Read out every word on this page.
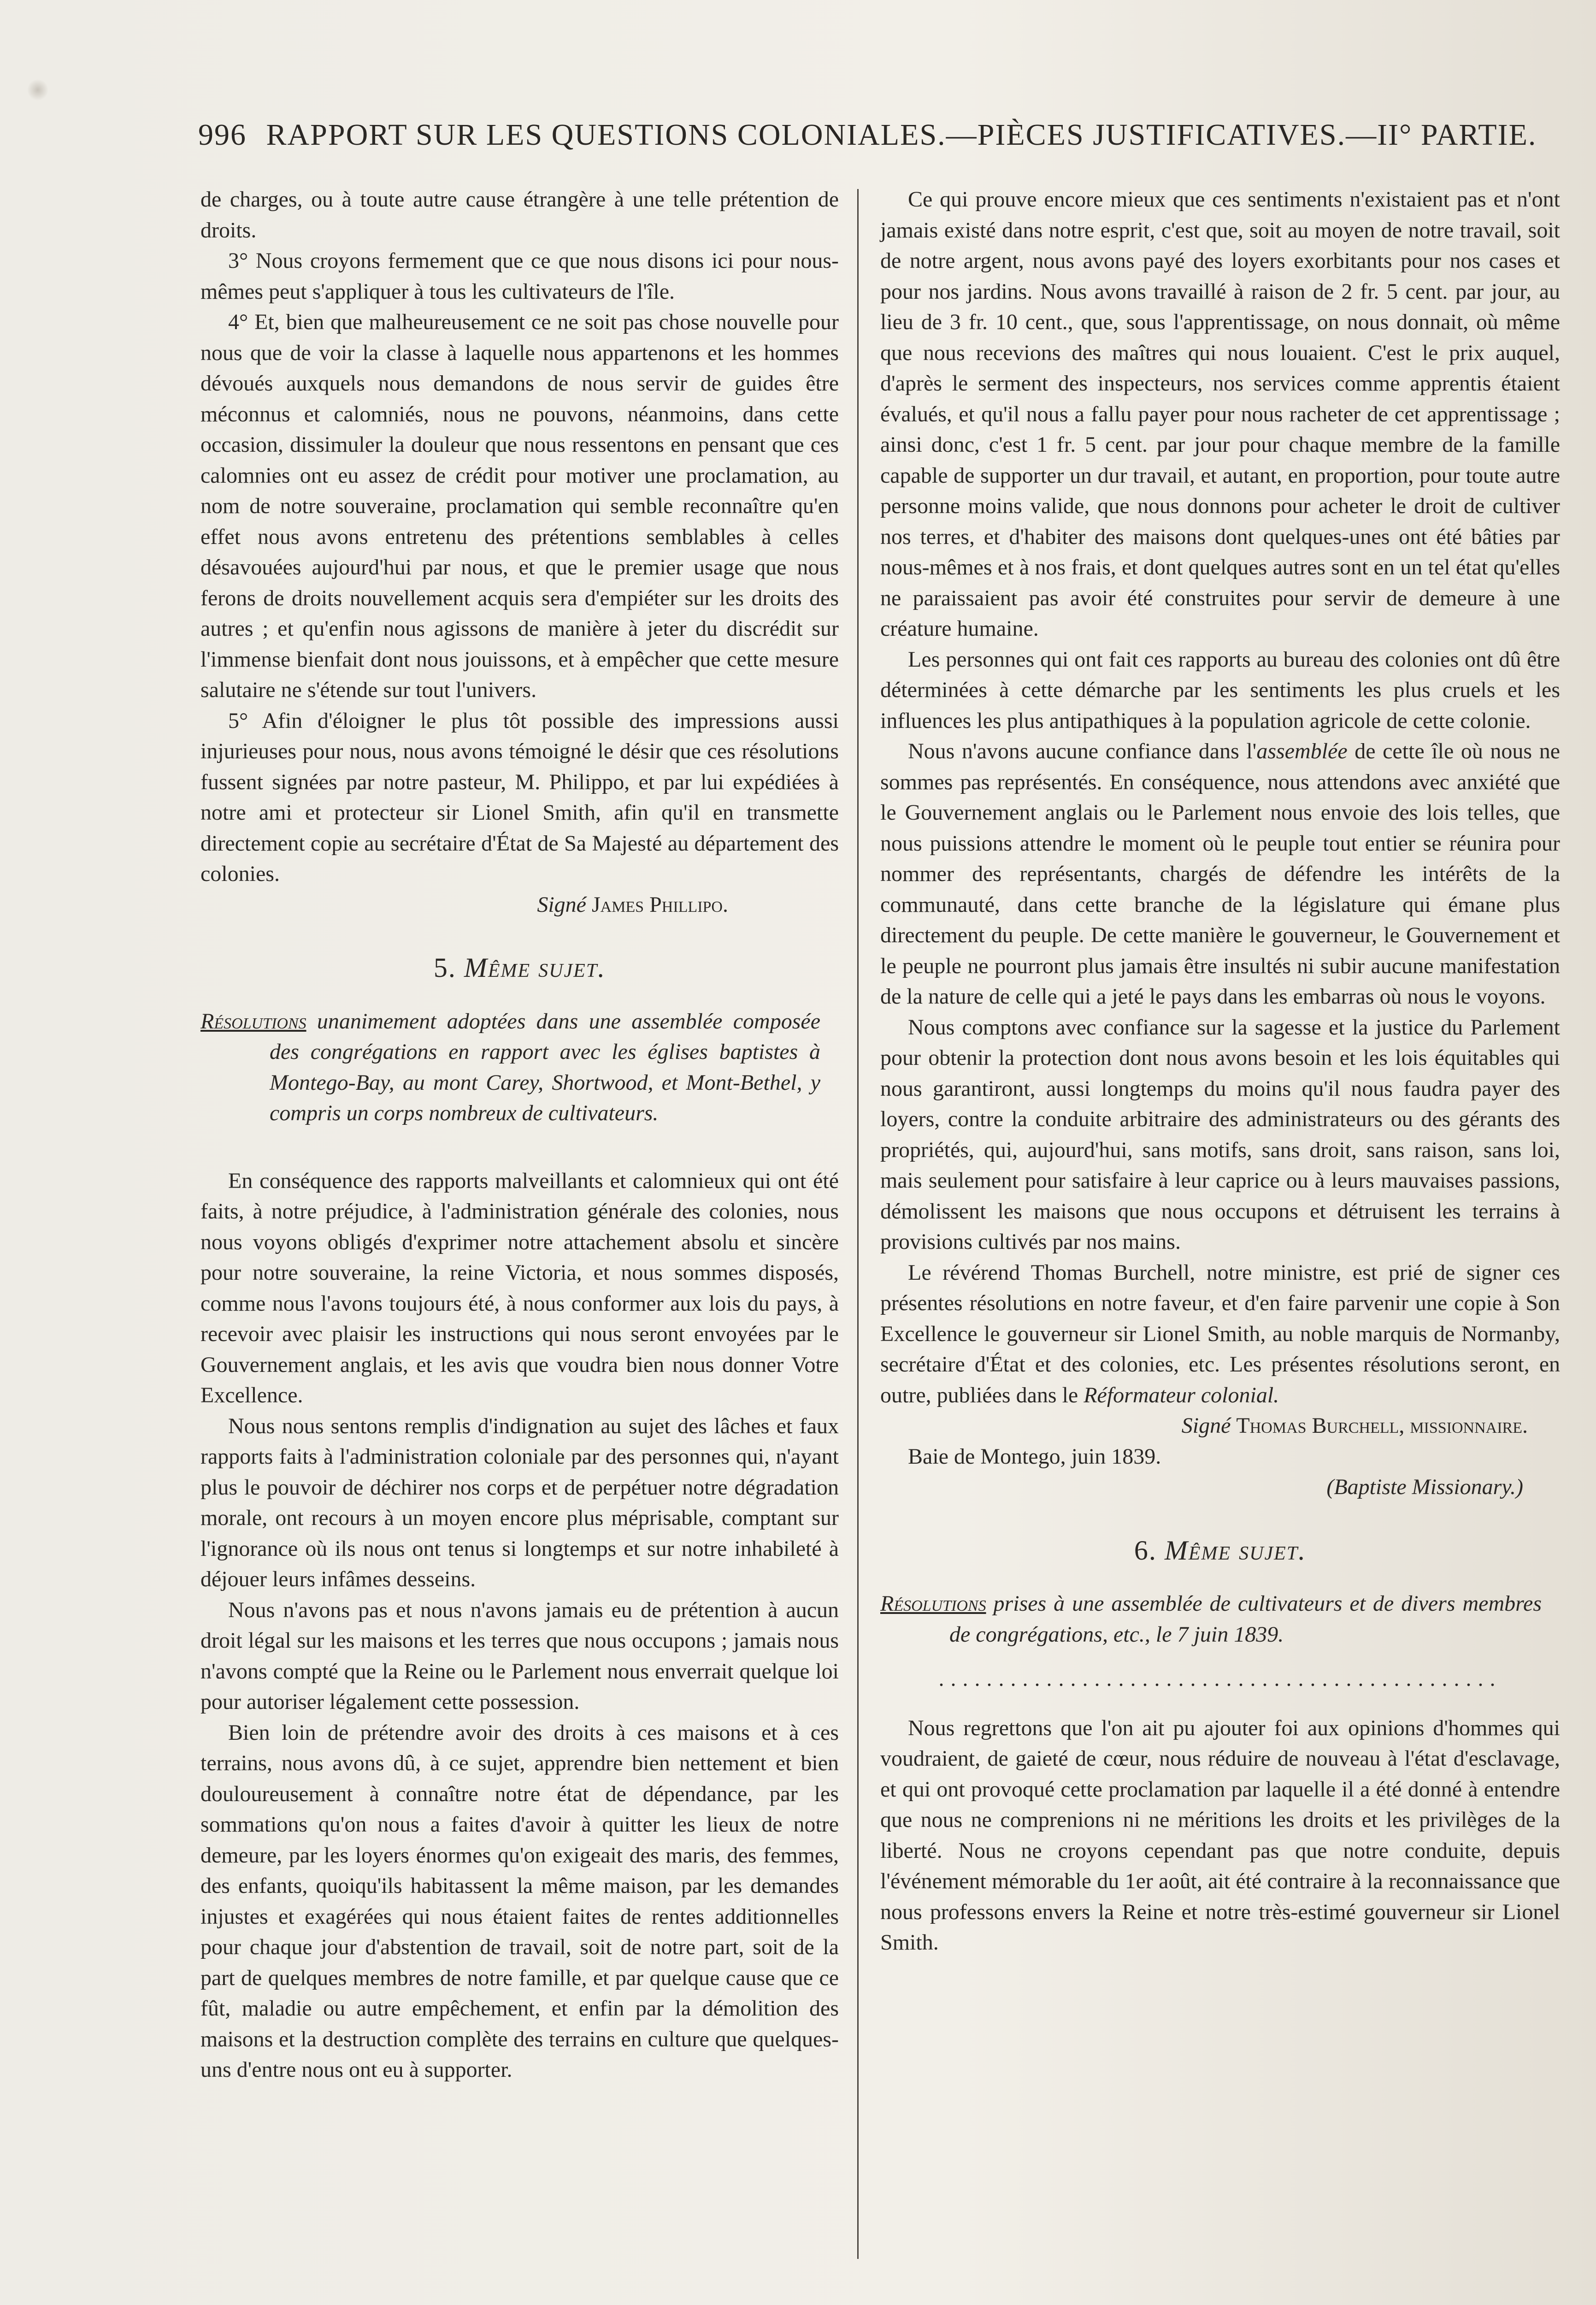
996 RAPPORT SUR LES QUESTIONS COLONIALES.—PIÈCES JUSTIFICATIVES.—II° PARTIE.

de charges, ou à toute autre cause étrangère à une telle prétention de droits.

3° Nous croyons fermement que ce que nous disons ici pour nous-mêmes peut s'appliquer à tous les cultivateurs de l'île.

4° Et, bien que malheureusement ce ne soit pas chose nouvelle pour nous que de voir la classe à laquelle nous appartenons et les hommes dévoués auxquels nous demandons de nous servir de guides être méconnus et calomniés, nous ne pouvons, néanmoins, dans cette occasion, dissimuler la douleur que nous ressentons en pensant que ces calomnies ont eu assez de crédit pour motiver une proclamation, au nom de notre souveraine, proclamation qui semble reconnaître qu'en effet nous avons entretenu des prétentions semblables à celles désavouées aujourd'hui par nous, et que le premier usage que nous ferons de droits nouvellement acquis sera d'empiéter sur les droits des autres ; et qu'enfin nous agissons de manière à jeter du discrédit sur l'immense bienfait dont nous jouissons, et à empêcher que cette mesure salutaire ne s'étende sur tout l'univers.

5° Afin d'éloigner le plus tôt possible des impressions aussi injurieuses pour nous, nous avons témoigné le désir que ces résolutions fussent signées par notre pasteur, M. Philippo, et par lui expédiées à notre ami et protecteur sir Lionel Smith, afin qu'il en transmette directement copie au secrétaire d'État de Sa Majesté au département des colonies.

Signé James Phillipo.

5. Même sujet.

Résolutions unanimement adoptées dans une assemblée composée des congrégations en rapport avec les églises baptistes à Montego-Bay, au mont Carey, Shortwood, et Mont-Bethel, y compris un corps nombreux de cultivateurs.

En conséquence des rapports malveillants et calomnieux qui ont été faits, à notre préjudice, à l'administration générale des colonies, nous nous voyons obligés d'exprimer notre attachement absolu et sincère pour notre souveraine, la reine Victoria, et nous sommes disposés, comme nous l'avons toujours été, à nous conformer aux lois du pays, à recevoir avec plaisir les instructions qui nous seront envoyées par le Gouvernement anglais, et les avis que voudra bien nous donner Votre Excellence.

Nous nous sentons remplis d'indignation au sujet des lâches et faux rapports faits à l'administration coloniale par des personnes qui, n'ayant plus le pouvoir de déchirer nos corps et de perpétuer notre dégradation morale, ont recours à un moyen encore plus méprisable, comptant sur l'ignorance où ils nous ont tenus si longtemps et sur notre inhabileté à déjouer leurs infâmes desseins.

Nous n'avons pas et nous n'avons jamais eu de prétention à aucun droit légal sur les maisons et les terres que nous occupons ; jamais nous n'avons compté que la Reine ou le Parlement nous enverrait quelque loi pour autoriser légalement cette possession.

Bien loin de prétendre avoir des droits à ces maisons et à ces terrains, nous avons dû, à ce sujet, apprendre bien nettement et bien douloureusement à connaître notre état de dépendance, par les sommations qu'on nous a faites d'avoir à quitter les lieux de notre demeure, par les loyers énormes qu'on exigeait des maris, des femmes, des enfants, quoiqu'ils habitassent la même maison, par les demandes injustes et exagérées qui nous étaient faites de rentes additionnelles pour chaque jour d'abstention de travail, soit de notre part, soit de la part de quelques membres de notre famille, et par quelque cause que ce fût, maladie ou autre empêchement, et enfin par la démolition des maisons et la destruction complète des terrains en culture que quelques-uns d'entre nous ont eu à supporter.

Ce qui prouve encore mieux que ces sentiments n'existaient pas et n'ont jamais existé dans notre esprit, c'est que, soit au moyen de notre travail, soit de notre argent, nous avons payé des loyers exorbitants pour nos cases et pour nos jardins. Nous avons travaillé à raison de 2 fr. 5 cent. par jour, au lieu de 3 fr. 10 cent., que, sous l'apprentissage, on nous donnait, où même que nous recevions des maîtres qui nous louaient. C'est le prix auquel, d'après le serment des inspecteurs, nos services comme apprentis étaient évalués, et qu'il nous a fallu payer pour nous racheter de cet apprentissage ; ainsi donc, c'est 1 fr. 5 cent. par jour pour chaque membre de la famille capable de supporter un dur travail, et autant, en proportion, pour toute autre personne moins valide, que nous donnons pour acheter le droit de cultiver nos terres, et d'habiter des maisons dont quelques-unes ont été bâties par nous-mêmes et à nos frais, et dont quelques autres sont en un tel état qu'elles ne paraissaient pas avoir été construites pour servir de demeure à une créature humaine.

Les personnes qui ont fait ces rapports au bureau des colonies ont dû être déterminées à cette démarche par les sentiments les plus cruels et les influences les plus antipathiques à la population agricole de cette colonie.

Nous n'avons aucune confiance dans l'assemblée de cette île où nous ne sommes pas représentés. En conséquence, nous attendons avec anxiété que le Gouvernement anglais ou le Parlement nous envoie des lois telles, que nous puissions attendre le moment où le peuple tout entier se réunira pour nommer des représentants, chargés de défendre les intérêts de la communauté, dans cette branche de la législature qui émane plus directement du peuple. De cette manière le gouverneur, le Gouvernement et le peuple ne pourront plus jamais être insultés ni subir aucune manifestation de la nature de celle qui a jeté le pays dans les embarras où nous le voyons.

Nous comptons avec confiance sur la sagesse et la justice du Parlement pour obtenir la protection dont nous avons besoin et les lois équitables qui nous garantiront, aussi longtemps du moins qu'il nous faudra payer des loyers, contre la conduite arbitraire des administrateurs ou des gérants des propriétés, qui, aujourd'hui, sans motifs, sans droit, sans raison, sans loi, mais seulement pour satisfaire à leur caprice ou à leurs mauvaises passions, démolissent les maisons que nous occupons et détruisent les terrains à provisions cultivés par nos mains.

Le révérend Thomas Burchell, notre ministre, est prié de signer ces présentes résolutions en notre faveur, et d'en faire parvenir une copie à Son Excellence le gouverneur sir Lionel Smith, au noble marquis de Normanby, secrétaire d'État et des colonies, etc. Les présentes résolutions seront, en outre, publiées dans le Réformateur colonial.

Signé Thomas Burchell, missionnaire.

Baie de Montego, juin 1839.

(Baptiste Missionary.)

6. Même sujet.

Résolutions prises à une assemblée de cultivateurs et de divers membres de congrégations, etc., le 7 juin 1839.

...............................................

Nous regrettons que l'on ait pu ajouter foi aux opinions d'hommes qui voudraient, de gaieté de cœur, nous réduire de nouveau à l'état d'esclavage, et qui ont provoqué cette proclamation par laquelle il a été donné à entendre que nous ne comprenions ni ne méritions les droits et les privilèges de la liberté. Nous ne croyons cependant pas que notre conduite, depuis l'événement mémorable du 1er août, ait été contraire à la reconnaissance que nous professons envers la Reine et notre très-estimé gouverneur sir Lionel Smith.
